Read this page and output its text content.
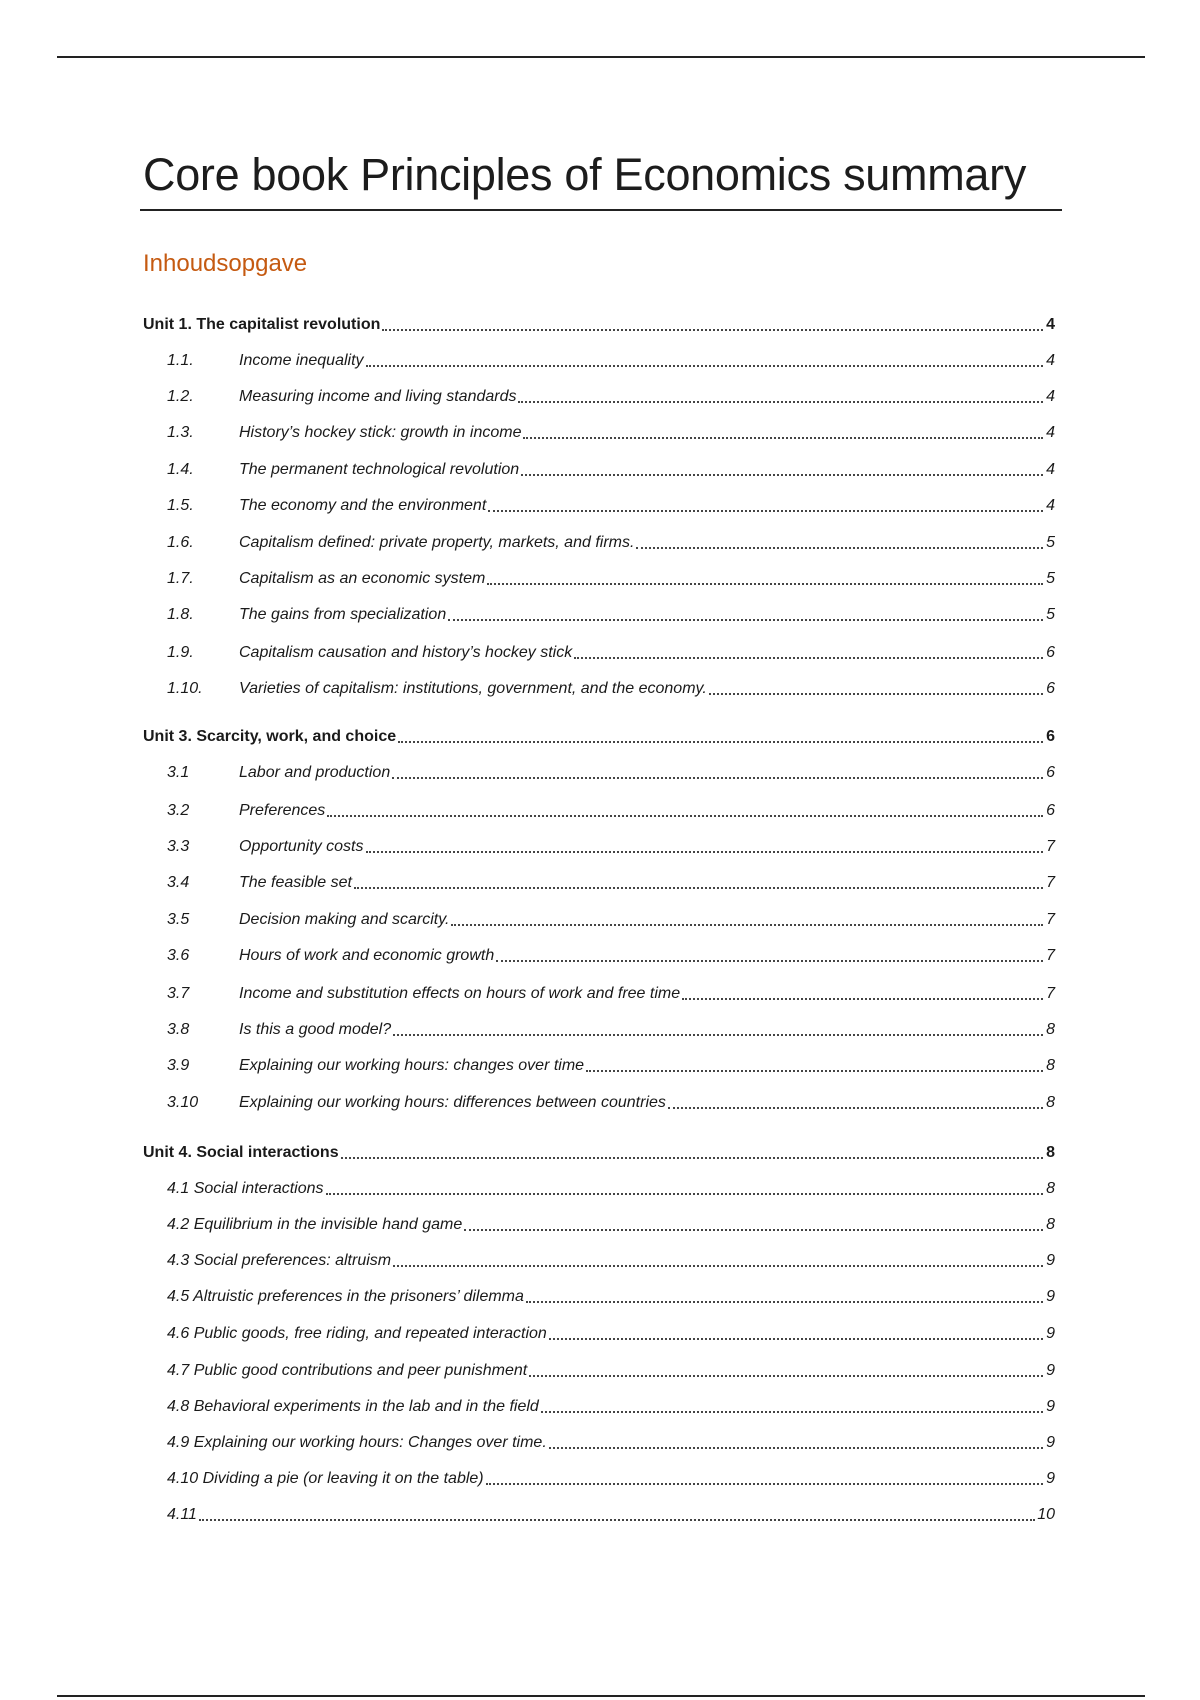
Core book Principles of Economics summary
Inhoudsopgave
Unit 1. The capitalist revolution	4
1.1.	Income inequality	4
1.2.	Measuring income and living standards	4
1.3.	History’s hockey stick: growth in income	4
1.4.	The permanent technological revolution	4
1.5.	The economy and the environment	4
1.6.	Capitalism defined: private property, markets, and firms.	5
1.7.	Capitalism as an economic system	5
1.8.	The gains from specialization	5
1.9.	Capitalism causation and history’s hockey stick	6
1.10.	Varieties of capitalism: institutions, government, and the economy.	6
Unit 3. Scarcity, work, and choice	6
3.1	Labor and production	6
3.2	Preferences	6
3.3	Opportunity costs	7
3.4	The feasible set	7
3.5	Decision making and scarcity.	7
3.6	Hours of work and economic growth	7
3.7	Income and substitution effects on hours of work and free time	7
3.8	Is this a good model?	8
3.9	Explaining our working hours: changes over time	8
3.10	Explaining our working hours: differences between countries	8
Unit 4. Social interactions	8
4.1 Social interactions	8
4.2 Equilibrium in the invisible hand game	8
4.3 Social preferences: altruism	9
4.5 Altruistic preferences in the prisoners’ dilemma	9
4.6 Public goods, free riding, and repeated interaction	9
4.7 Public good contributions and peer punishment	9
4.8 Behavioral experiments in the lab and in the field	9
4.9 Explaining our working hours: Changes over time.	9
4.10 Dividing a pie (or leaving it on the table)	9
4.11	10
